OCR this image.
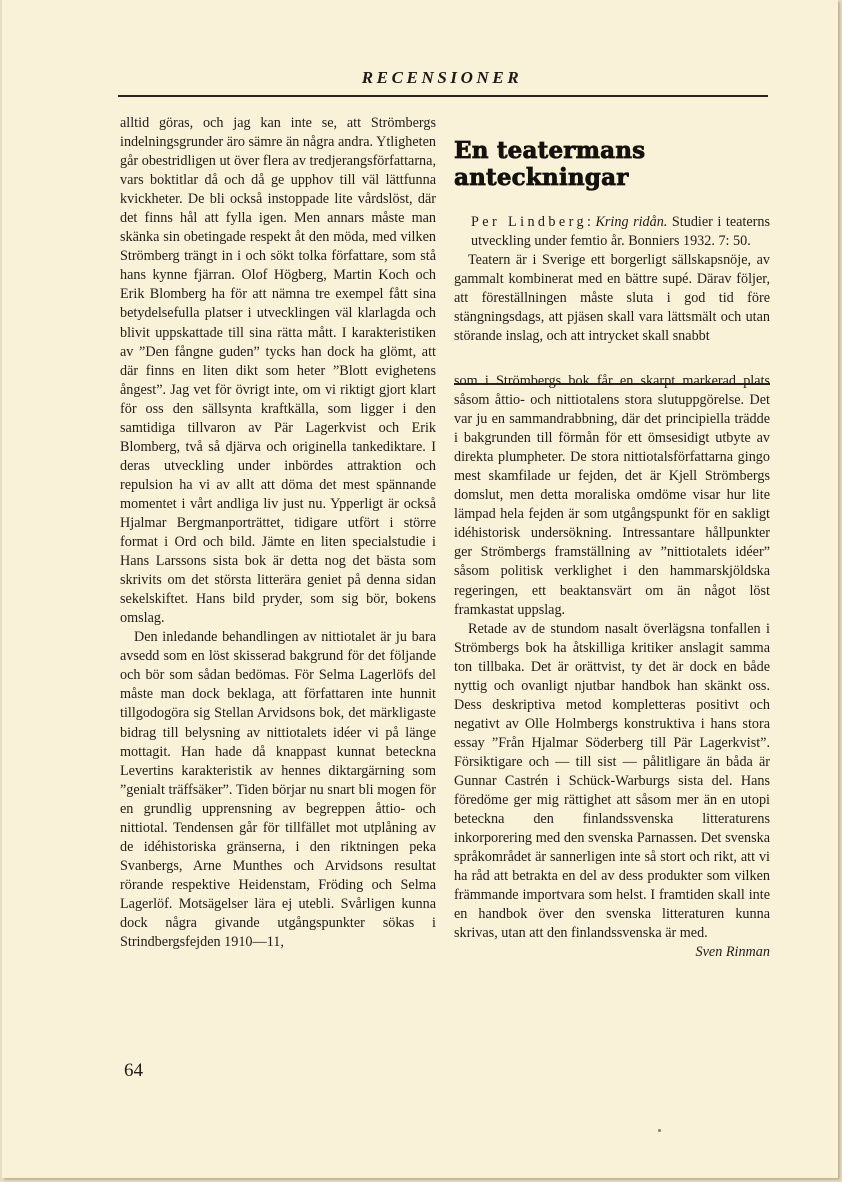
RECENSIONER

alltid göras, och jag kan inte se, att Strömbergs indelningsgrunder äro sämre än några andra. Ytligheten går obestridligen ut över flera av tredjerangsförfattarna, vars boktitlar då och då ge upphov till väl lättfunna kvickheter. De bli också instoppade lite vårdslöst, där det finns hål att fylla igen. Men annars måste man skänka sin obetingade respekt åt den möda, med vilken Strömberg trängt in i och sökt tolka författare, som stå hans kynne fjärran. Olof Högberg, Martin Koch och Erik Blomberg ha för att nämna tre exempel fått sina betydelsefulla platser i utvecklingen väl klarlagda och blivit uppskattade till sina rätta mått. I karakteristiken av ”Den fångne guden” tycks han dock ha glömt, att där finns en liten dikt som heter ”Blott evighetens ångest”. Jag vet för övrigt inte, om vi riktigt gjort klart för oss den sällsynta kraftkälla, som ligger i den samtidiga tillvaron av Pär Lagerkvist och Erik Blomberg, två så djärva och originella tankediktare. I deras utveckling under inbördes attraktion och repulsion ha vi av allt att döma det mest spännande momentet i vårt andliga liv just nu. Ypperligt är också Hjalmar Bergmanporträttet, tidigare utfört i större format i Ord och bild. Jämte en liten specialstudie i Hans Larssons sista bok är detta nog det bästa som skrivits om det största litterära geniet på denna sidan sekelskiftet. Hans bild pryder, som sig bör, bokens omslag.

Den inledande behandlingen av nittiotalet är ju bara avsedd som en löst skisserad bakgrund för det följande och bör som sådan bedömas. För Selma Lagerlöfs del måste man dock beklaga, att författaren inte hunnit tillgodogöra sig Stellan Arvidsons bok, det märkligaste bidrag till belysning av nittiotalets idéer vi på länge mottagit. Han hade då knappast kunnat beteckna Levertins karakteristik av hennes diktargärning som ”genialt träffsäker”. Tiden börjar nu snart bli mogen för en grundlig upprensning av begreppen åttio- och nittiotal. Tendensen går för tillfället mot utplåning av de idéhistoriska gränserna, i den riktningen peka Svanbergs, Arne Munthes och Arvidsons resultat rörande respektive Heidenstam, Fröding och Selma Lagerlöf. Motsägelser lära ej utebli. Svårligen kunna dock några givande utgångspunkter sökas i Strindbergsfejden 1910—11,

En teatermans anteckningar

Per Lindberg: Kring ridån. Studier i teaterns utveckling under femtio år. Bonniers 1932. 7: 50.

Teatern är i Sverige ett borgerligt sällskapsnöje, av gammalt kombinerat med en bättre supé. Därav följer, att föreställningen måste sluta i god tid före stängningsdags, att pjäsen skall vara lättsmält och utan störande inslag, och att intrycket skall snabbt

som i Strömbergs bok får en skarpt markerad plats såsom åttio- och nittiotalens stora slutuppgörelse. Det var ju en sammandrabbning, där det principiella trädde i bakgrunden till förmån för ett ömsesidigt utbyte av direkta plumpheter. De stora nittiotalsförfattarna gingo mest skamfilade ur fejden, det är Kjell Strömbergs domslut, men detta moraliska omdöme visar hur lite lämpad hela fejden är som utgångspunkt för en sakligt idéhistorisk undersökning. Intressantare hållpunkter ger Strömbergs framställning av ”nittiotalets idéer” såsom politisk verklighet i den hammarskjöldska regeringen, ett beaktansvärt om än något löst framkastat uppslag.

Retade av de stundom nasalt överlägsna tonfallen i Strömbergs bok ha åtskilliga kritiker anslagit samma ton tillbaka. Det är orättvist, ty det är dock en både nyttig och ovanligt njutbar handbok han skänkt oss. Dess deskriptiva metod kompletteras positivt och negativt av Olle Holmbergs konstruktiva i hans stora essay ”Från Hjalmar Söderberg till Pär Lagerkvist”. Försiktigare och — till sist — pålitligare än båda är Gunnar Castrén i Schück-Warburgs sista del. Hans föredöme ger mig rättighet att såsom mer än en utopi beteckna den finlandssvenska litteraturens inkorporering med den svenska Parnassen. Det svenska språkområdet är sannerligen inte så stort och rikt, att vi ha råd att betrakta en del av dess produkter som vilken främmande importvara som helst. I framtiden skall inte en handbok över den svenska litteraturen kunna skrivas, utan att den finlandssvenska är med.
Sven Rinman

64
